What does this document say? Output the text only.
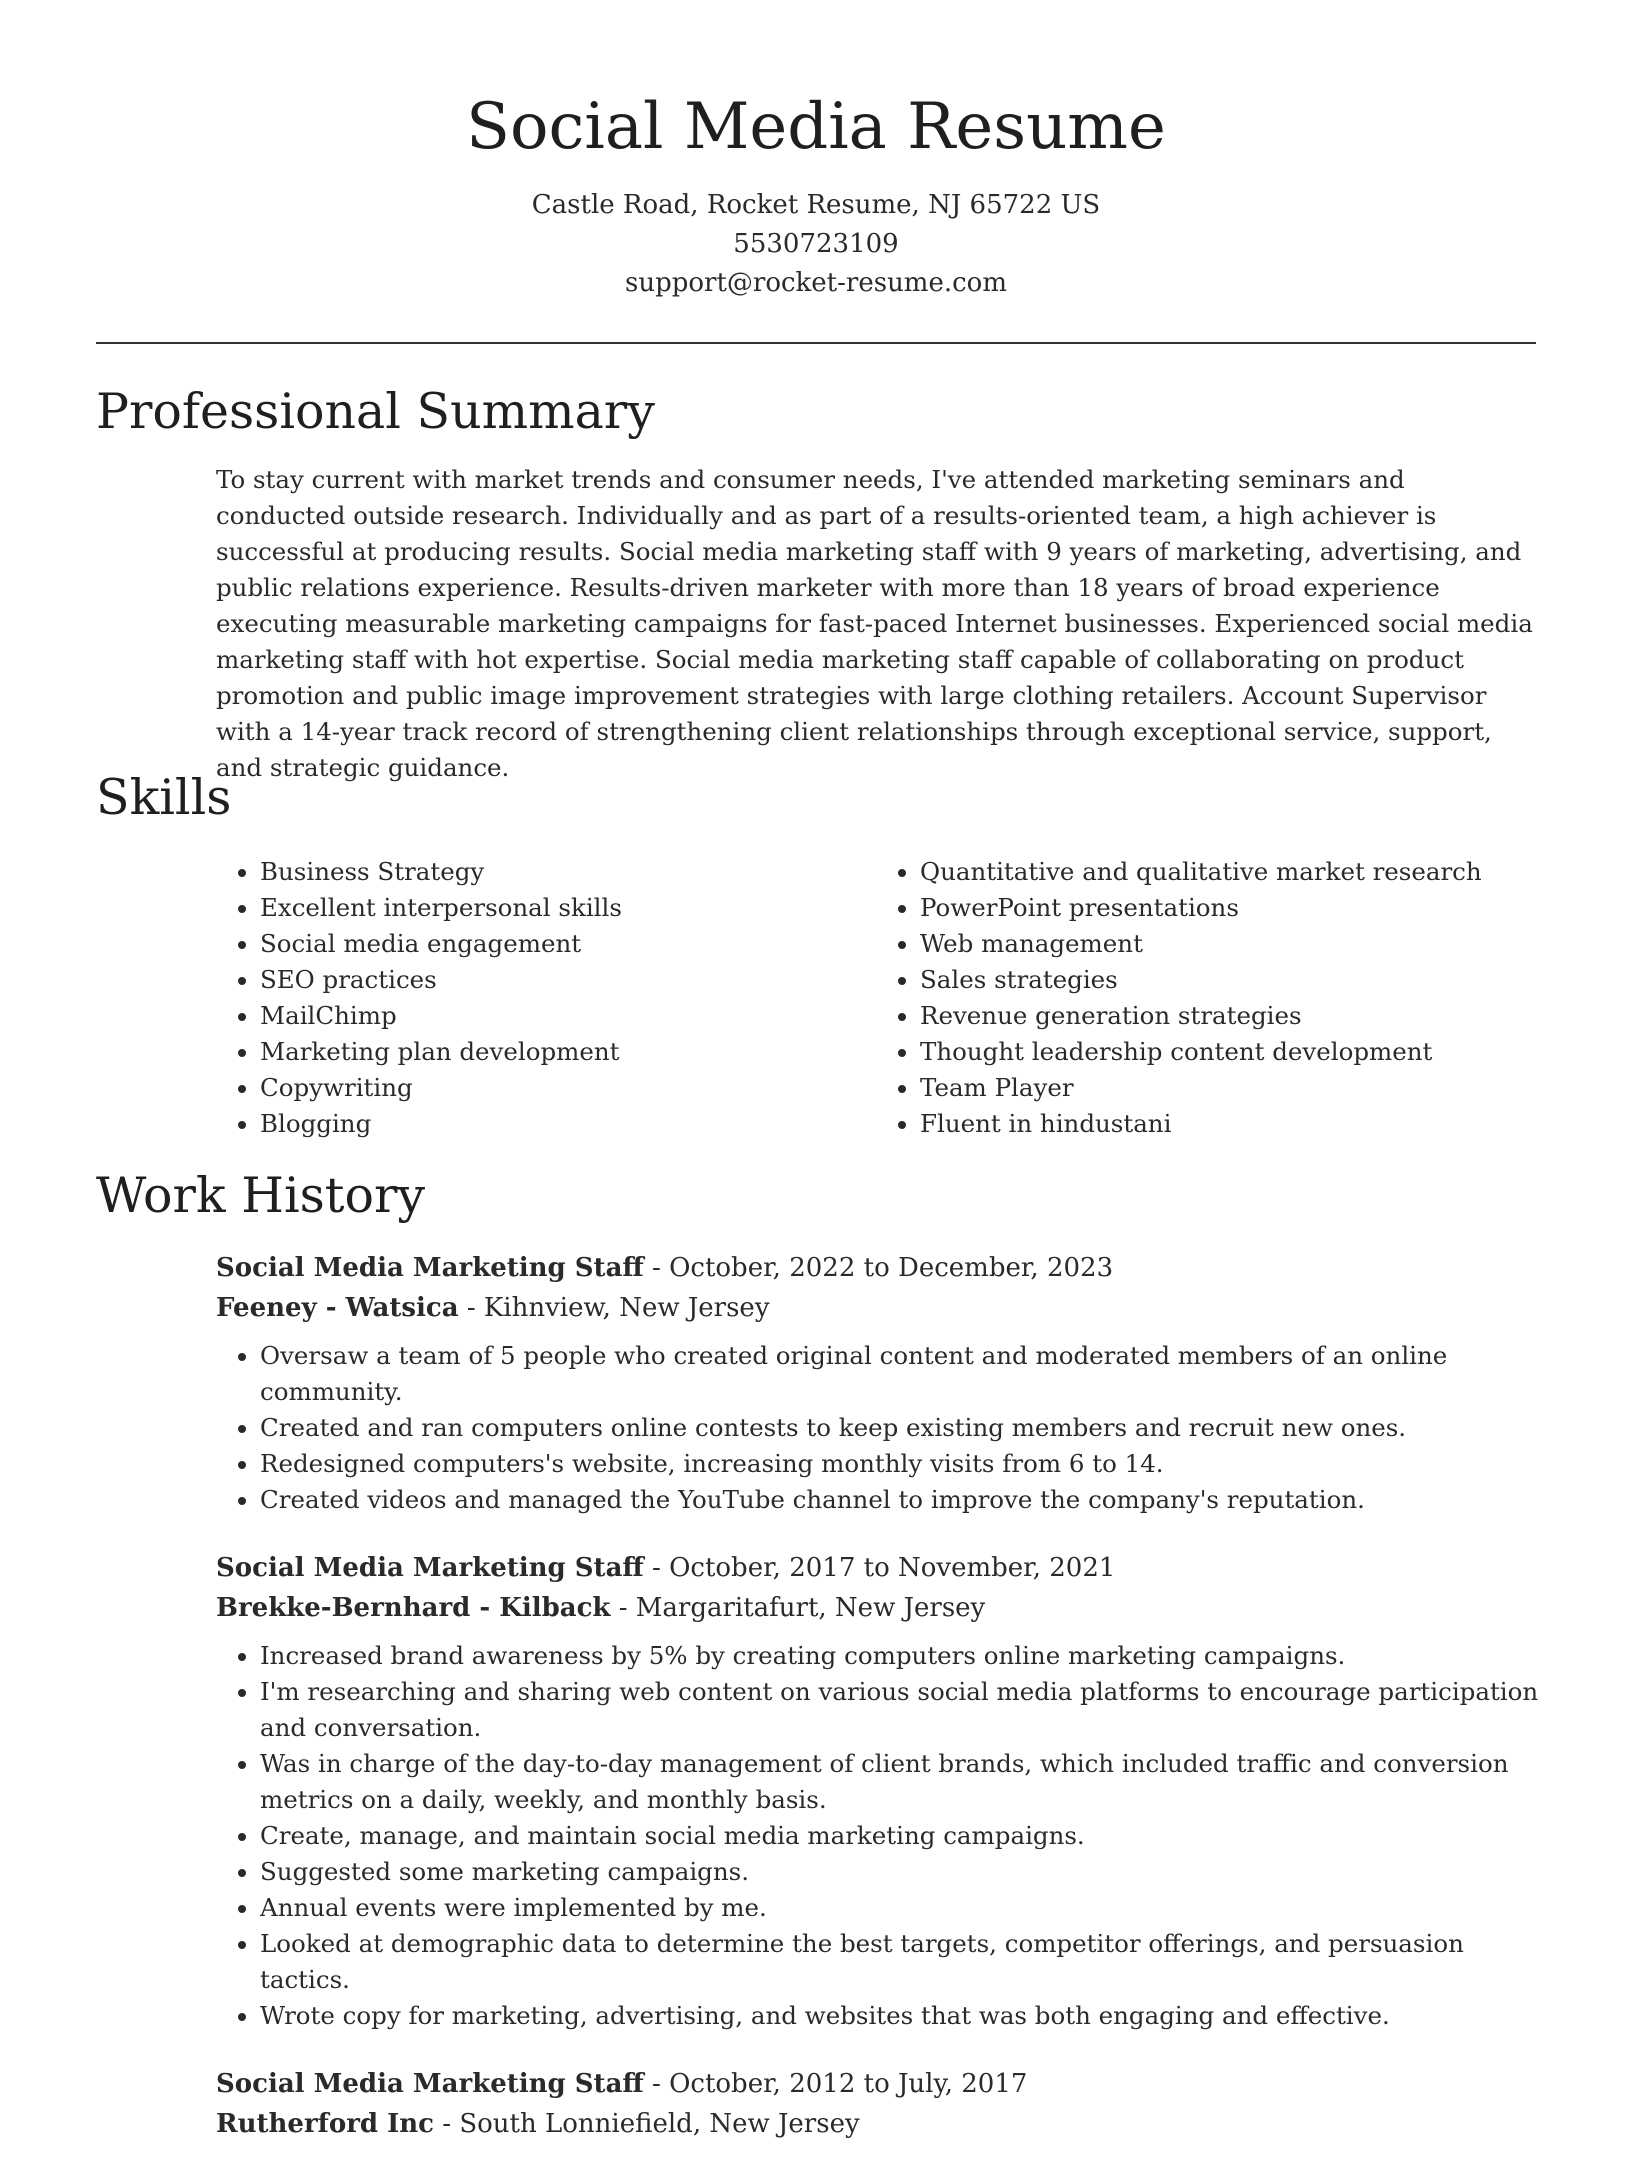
Social Media Resume
Castle Road, Rocket Resume, NJ 65722 US
5530723109
support@rocket-resume.com
Professional Summary

To stay current with market trends and consumer needs, I've attended marketing seminars and conducted outside research. Individually and as part of a results-oriented team, a high achiever is successful at producing results. Social media marketing staff with 9 years of marketing, advertising, and public relations experience. Results-driven marketer with more than 18 years of broad experience executing measurable marketing campaigns for fast-paced Internet businesses. Experienced social media marketing staff with hot expertise. Social media marketing staff capable of collaborating on product promotion and public image improvement strategies with large clothing retailers. Account Supervisor with a 14-year track record of strengthening client relationships through exceptional service, support, and strategic guidance.

Skills
• Business Strategy
• Excellent interpersonal skills
• Social media engagement
• SEO practices
• MailChimp
• Marketing plan development
• Copywriting
• Blogging
• Quantitative and qualitative market research
• PowerPoint presentations
• Web management
• Sales strategies
• Revenue generation strategies
• Thought leadership content development
• Team Player
• Fluent in hindustani
Work History
Social Media Marketing Staff - October, 2022 to December, 2023
Feeney - Watsica - Kihnview, New Jersey
• Oversaw a team of 5 people who created original content and moderated members of an online community.
• Created and ran computers online contests to keep existing members and recruit new ones.
• Redesigned computers's website, increasing monthly visits from 6 to 14.
• Created videos and managed the YouTube channel to improve the company's reputation.
Social Media Marketing Staff - October, 2017 to November, 2021
Brekke-Bernhard - Kilback - Margaritafurt, New Jersey
• Increased brand awareness by 5% by creating computers online marketing campaigns.
• I'm researching and sharing web content on various social media platforms to encourage participation and conversation.
• Was in charge of the day-to-day management of client brands, which included traffic and conversion metrics on a daily, weekly, and monthly basis.
• Create, manage, and maintain social media marketing campaigns.
• Suggested some marketing campaigns.
• Annual events were implemented by me.
• Looked at demographic data to determine the best targets, competitor offerings, and persuasion tactics.
• Wrote copy for marketing, advertising, and websites that was both engaging and effective.
Social Media Marketing Staff - October, 2012 to July, 2017
Rutherford Inc - South Lonniefield, New Jersey
